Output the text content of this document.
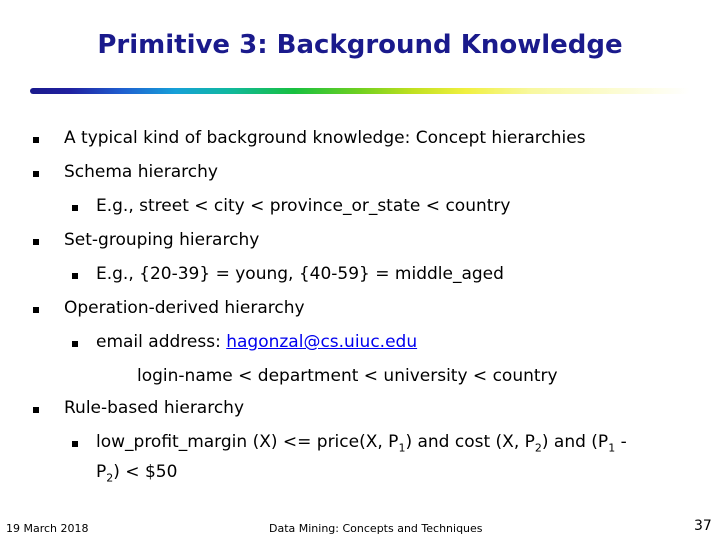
Primitive 3: Background Knowledge
A typical kind of background knowledge: Concept hierarchies
Schema hierarchy
E.g., street < city < province_or_state < country
Set-grouping hierarchy
E.g., {20-39} = young, {40-59} = middle_aged
Operation-derived hierarchy
email address: hagonzal@cs.uiuc.edu
login-name < department < university < country
Rule-based hierarchy
low_profit_margin (X) <= price(X, $P_1$) and cost (X, $P_2$) and ($P_1$ -
$P_2$) < $50
19 March 2018	Data Mining: Concepts and Techniques	37
